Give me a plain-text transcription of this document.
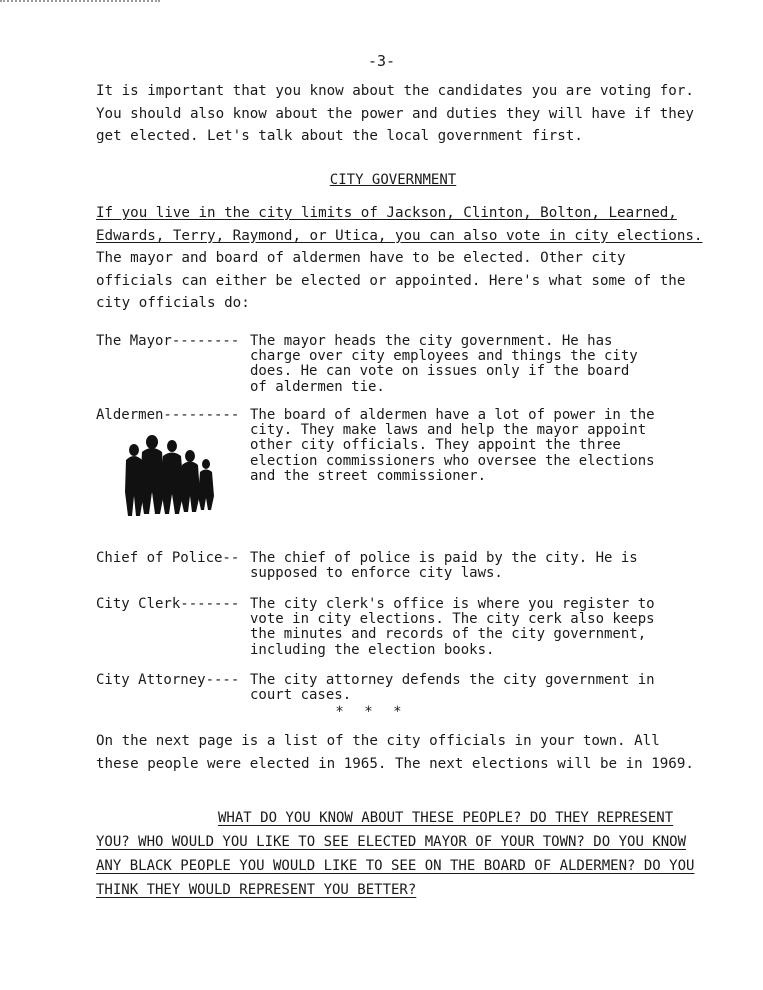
-3-

It is important that you know about the candidates you are voting for. You should also know about the power and duties they will have if they get elected. Let's talk about the local government first.

CITY GOVERNMENT

If you live in the city limits of Jackson, Clinton, Bolton, Learned, Edwards, Terry, Raymond, or Utica, you can also vote in city elections. The mayor and board of aldermen have to be elected. Other city officials can either be elected or appointed. Here's what some of the city officials do:

The Mayor-------- The mayor heads the city government. He has
charge over city employees and things the city
does. He can vote on issues only if the board
of aldermen tie.
Aldermen--------- The board of aldermen have a lot of power in the
city. They make laws and help the mayor appoint
other city officials. They appoint the three
election commissioners who oversee the elections
and the street commissioner.
Chief of Police-- The chief of police is paid by the city. He is
supposed to enforce city laws.
City Clerk------- The city clerk's office is where you register to
vote in city elections. The city cerk also keeps
the minutes and records of the city government,
including the election books.
City Attorney---- The city attorney defends the city government in
court cases.
* * *

On the next page is a list of the city officials in your town. All these people were elected in 1965. The next elections will be in 1969.

WHAT DO YOU KNOW ABOUT THESE PEOPLE? DO THEY REPRESENT YOU? WHO WOULD YOU LIKE TO SEE ELECTED MAYOR OF YOUR TOWN? DO YOU KNOW ANY BLACK PEOPLE YOU WOULD LIKE TO SEE ON THE BOARD OF ALDERMEN? DO YOU THINK THEY WOULD REPRESENT YOU BETTER?
